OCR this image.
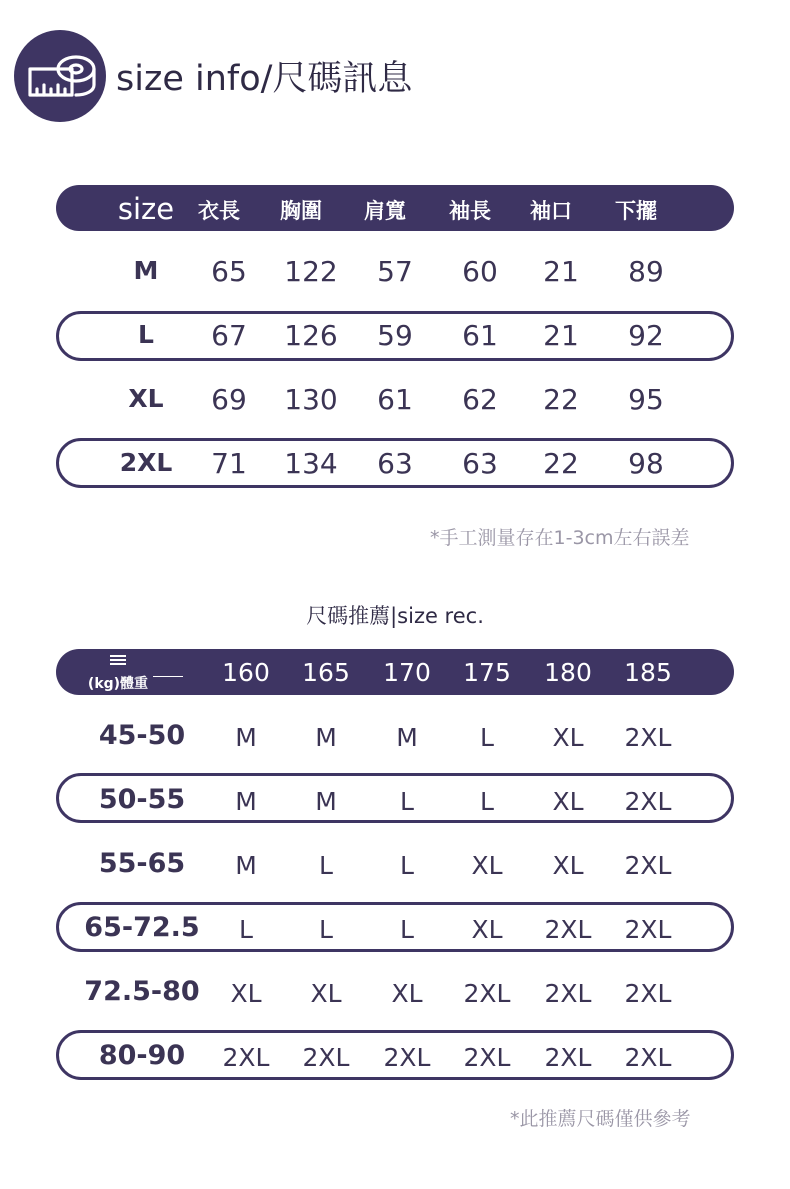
size info/尺碼訊息
size 衣長 胸圍 肩寬 袖長 袖口 下擺
M 65 122 57 60 21 89
L 67 126 59 61 21 92
XL 69 130 61 62 22 95
2XL 71 134 63 63 22 98
*手工測量存在1-3cm左右誤差
尺碼推薦|size rec.
(kg)體重	160 165 170 175 180 185
45-50 M M M L XL 2XL
50-55 M M	L	L XL 2XL
55-65 M L	L XL XL 2XL
65-72.5 L	L	L XL 2XL 2XL
72.5-80 XL XL XL 2XL 2XL 2XL
80-90 2XL 2XL 2XL 2XL 2XL 2XL
*此推薦尺碼僅供參考
